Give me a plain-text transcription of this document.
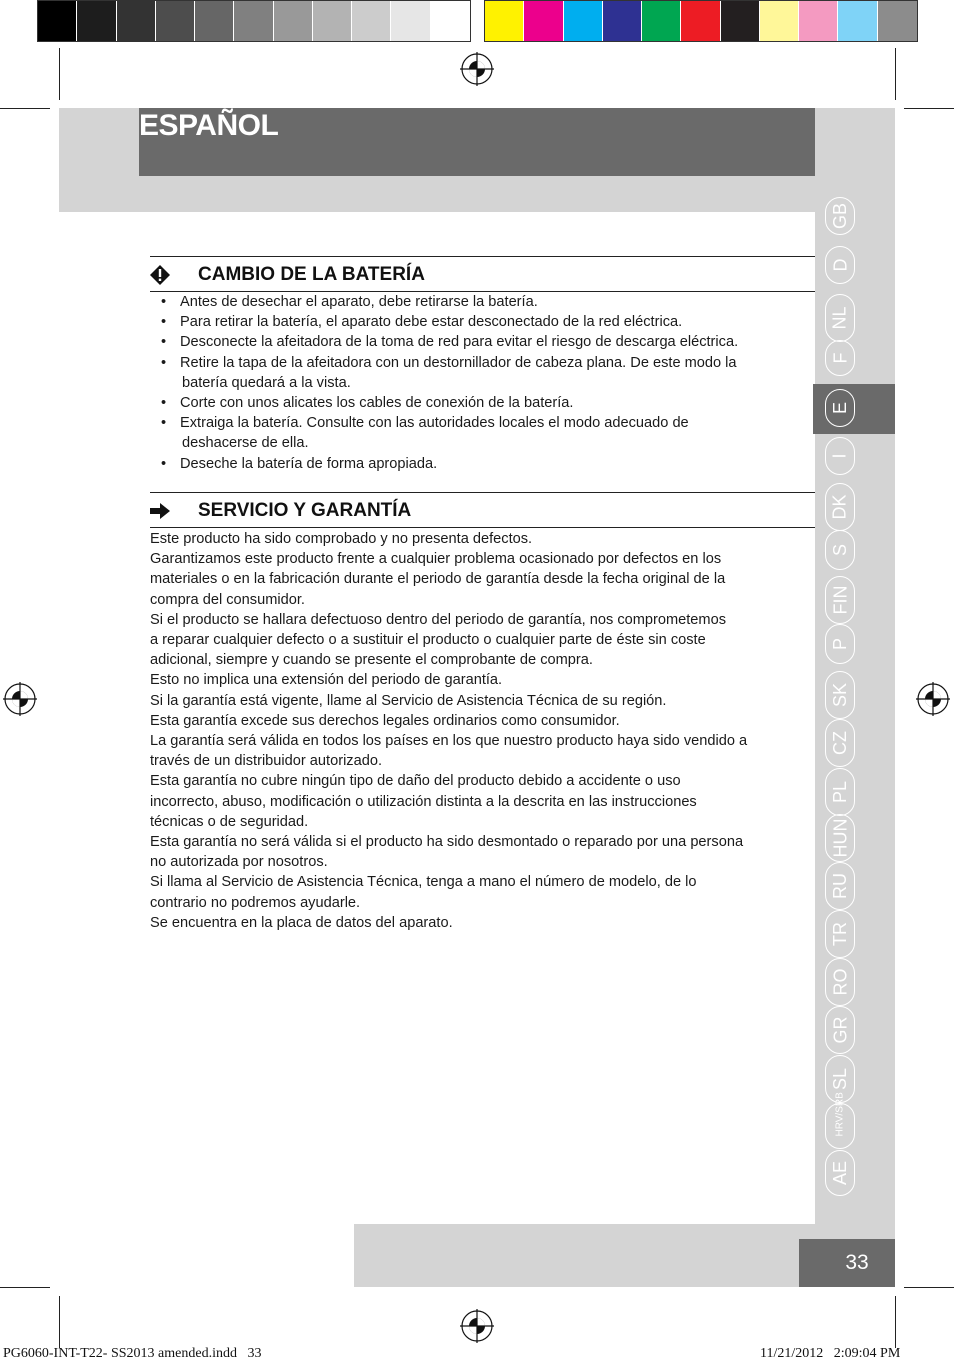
ESPAÑOL
GB
D
NL
F
E
I
DK
S
FIN
P
SK
CZ
PL
HUN
RU
TR
RO
GR
SL
HRV/SRB
AE
CAMBIO DE LA BATERÍA
• Antes de desechar el aparato, debe retirarse la batería.
• Para retirar la batería, el aparato debe estar desconectado de la red eléctrica.
• Desconecte la afeitadora de la toma de red para evitar el riesgo de descarga eléctrica.
• Retire la tapa de la afeitadora con un destornillador de cabeza plana. De este modo la
batería quedará a la vista.
• Corte con unos alicates los cables de conexión de la batería.
• Extraiga la batería. Consulte con las autoridades locales el modo adecuado de
deshacerse de ella.
• Deseche la batería de forma apropiada.
SERVICIO Y GARANTÍA

Este producto ha sido comprobado y no presenta defectos.

Garantizamos este producto frente a cualquier problema ocasionado por defectos en los

materiales o en la fabricación durante el periodo de garantía desde la fecha original de la

compra del consumidor.

Si el producto se hallara defectuoso dentro del periodo de garantía, nos comprometemos

a reparar cualquier defecto o a sustituir el producto o cualquier parte de éste sin coste

adicional, siempre y cuando se presente el comprobante de compra.

Esto no implica una extensión del periodo de garantía.

Si la garantía está vigente, llame al Servicio de Asistencia Técnica de su región.

Esta garantía excede sus derechos legales ordinarios como consumidor.

La garantía será válida en todos los países en los que nuestro producto haya sido vendido a

través de un distribuidor autorizado.

Esta garantía no cubre ningún tipo de daño del producto debido a accidente o uso

incorrecto, abuso, modificación o utilización distinta a la descrita en las instrucciones

técnicas o de seguridad.

Esta garantía no será válida si el producto ha sido desmontado o reparado por una persona

no autorizada por nosotros.

Si llama al Servicio de Asistencia Técnica, tenga a mano el número de modelo, de lo

contrario no podremos ayudarle.

Se encuentra en la placa de datos del aparato.

33
PG6060-INT-T22- SS2013 amended.indd   33	11/21/2012   2:09:04 PM
